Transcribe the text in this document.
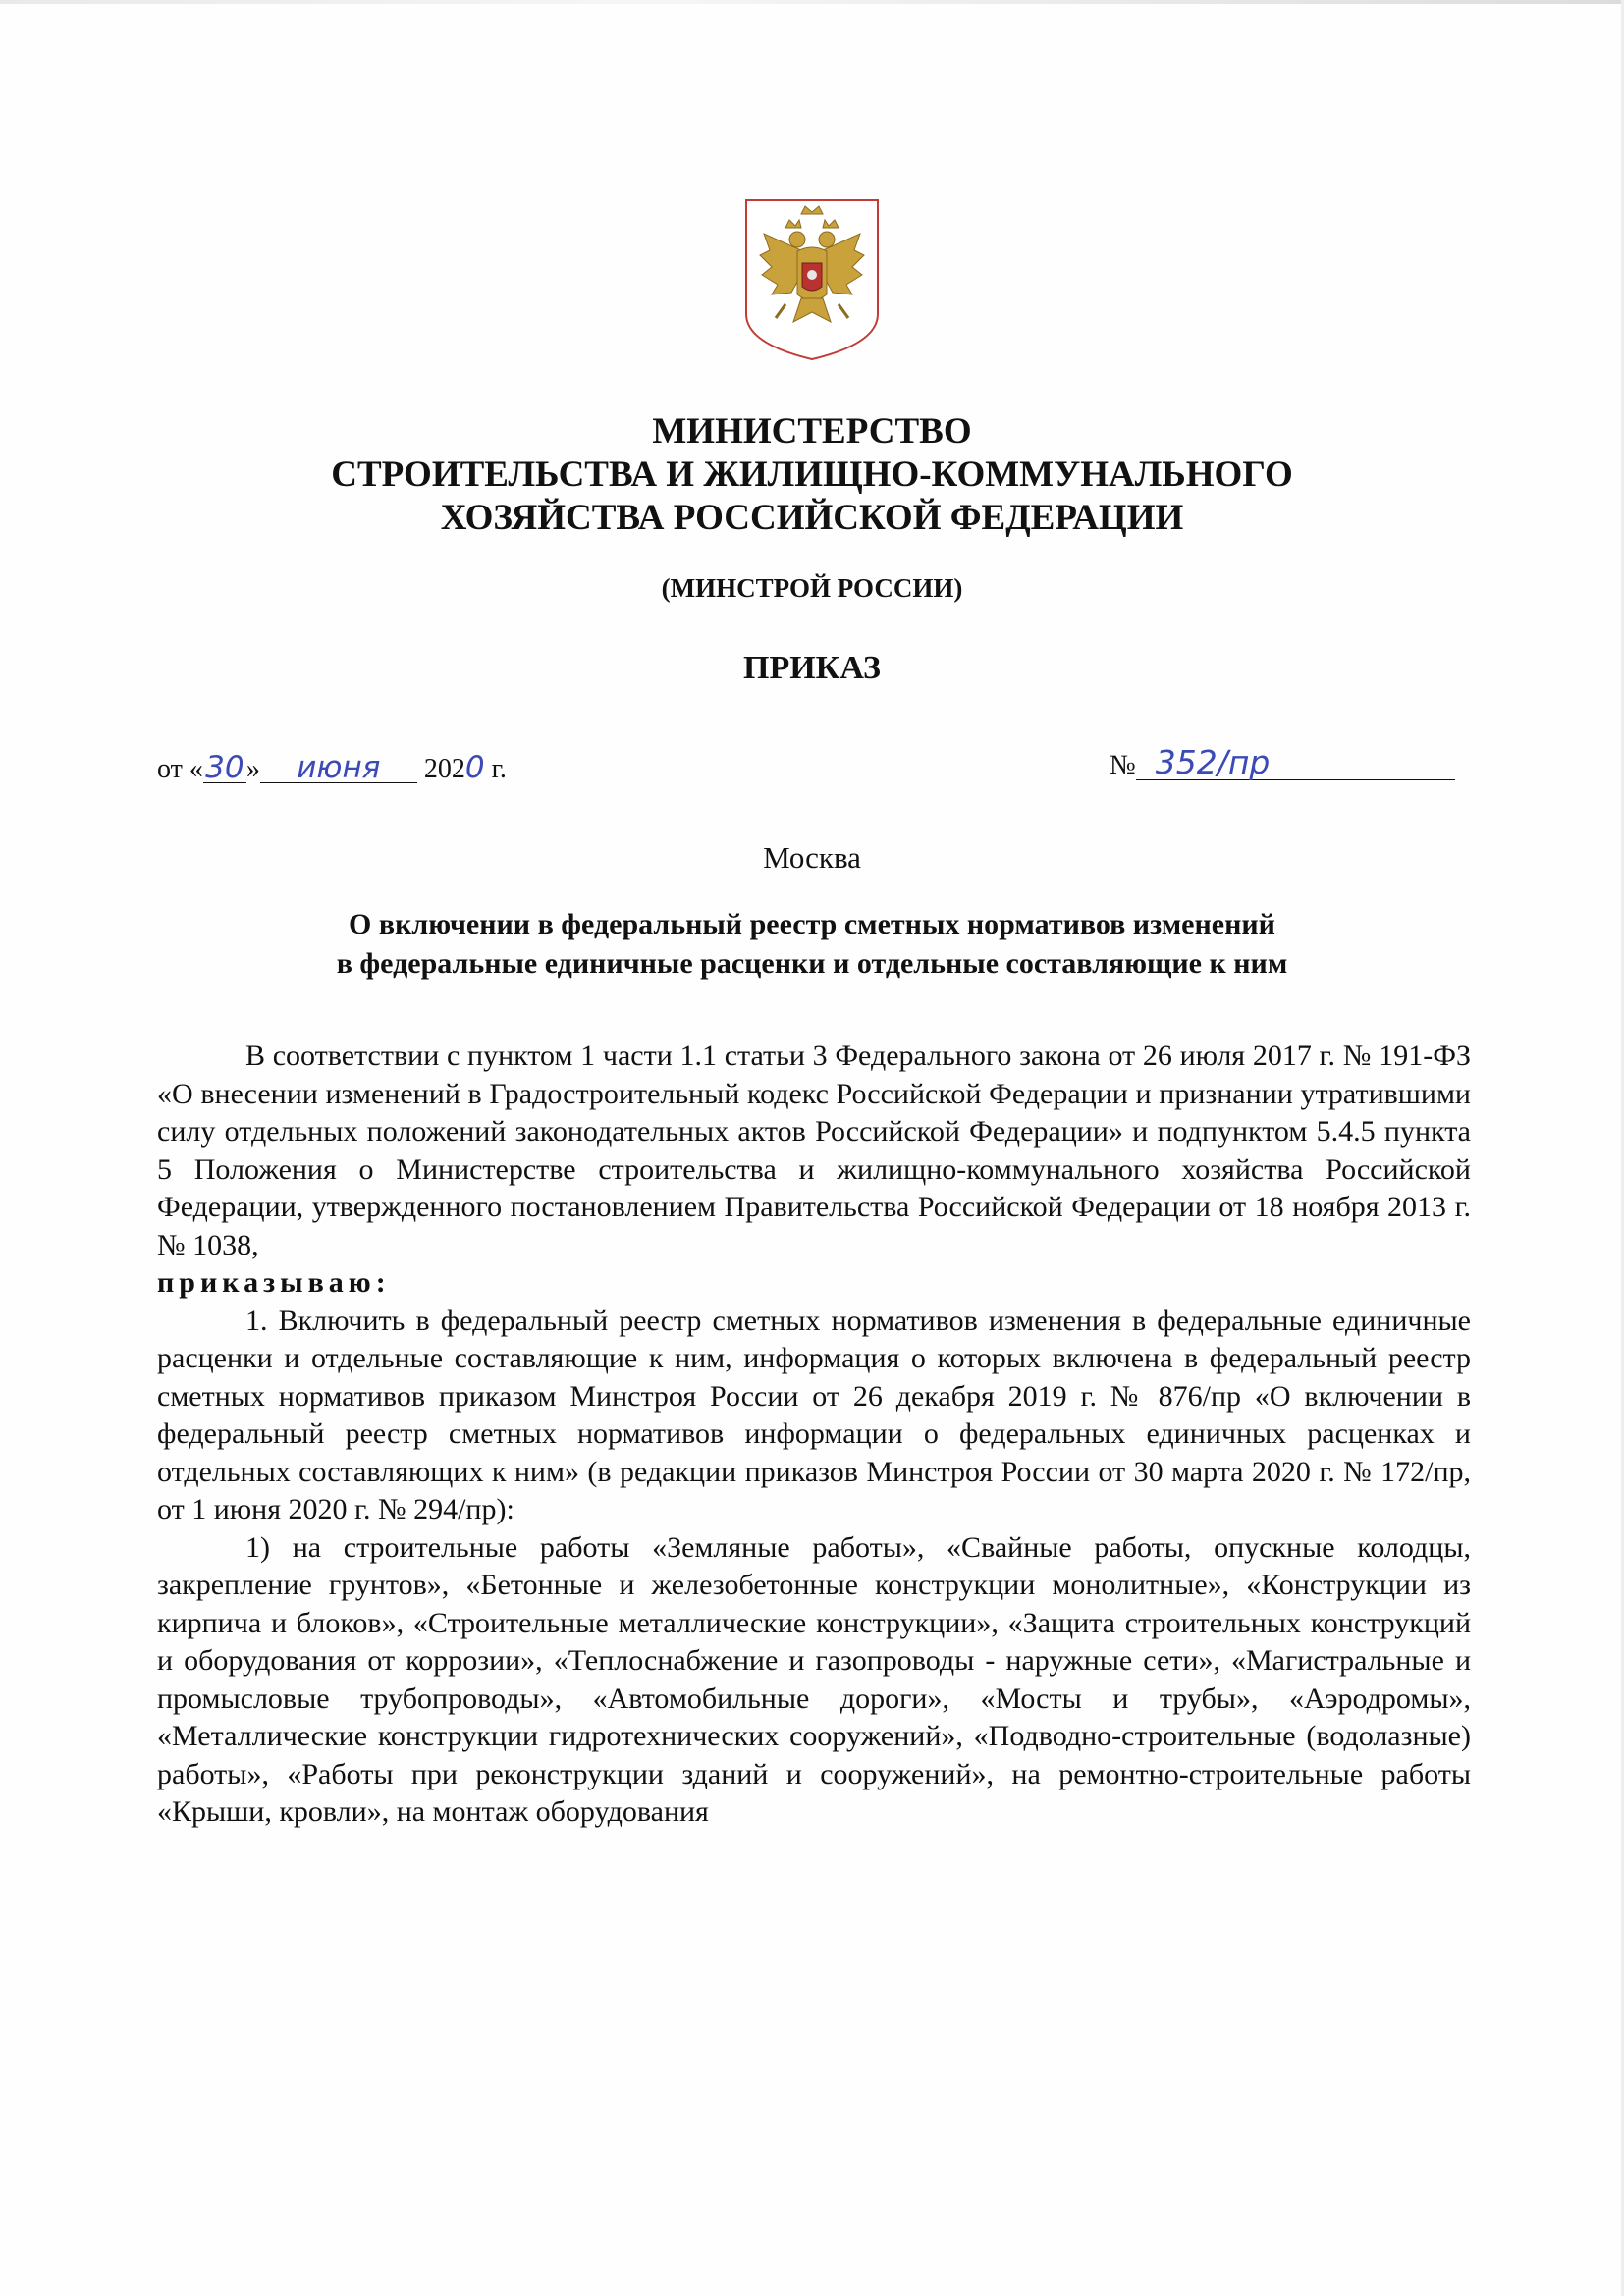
МИНИСТЕРСТВО
СТРОИТЕЛЬСТВА И ЖИЛИЩНО-КОММУНАЛЬНОГО
ХОЗЯЙСТВА РОССИЙСКОЙ ФЕДЕРАЦИИ
(МИНСТРОЙ РОССИИ)
ПРИКАЗ
от «30» июня 2020 г.	№ 352/пр
Москва
О включении в федеральный реестр сметных нормативов изменений
в федеральные единичные расценки и отдельные составляющие к ним

В соответствии с пунктом 1 части 1.1 статьи 3 Федерального закона от 26 июля 2017 г. № 191-ФЗ «О внесении изменений в Градостроительный кодекс Российской Федерации и признании утратившими силу отдельных положений законодательных актов Российской Федерации» и подпунктом 5.4.5 пункта 5 Положения о Министерстве строительства и жилищно-коммунального хозяйства Российской Федерации, утвержденного постановлением Правительства Российской Федерации от 18 ноября 2013 г. № 1038,

приказываю:

1. Включить в федеральный реестр сметных нормативов изменения в федеральные единичные расценки и отдельные составляющие к ним, информация о которых включена в федеральный реестр сметных нормативов приказом Минстроя России от 26 декабря 2019 г. № 876/пр «О включении в федеральный реестр сметных нормативов информации о федеральных единичных расценках и отдельных составляющих к ним» (в редакции приказов Минстроя России от 30 марта 2020 г. № 172/пр, от 1 июня 2020 г. № 294/пр):

1) на строительные работы «Земляные работы», «Свайные работы, опускные колодцы, закрепление грунтов», «Бетонные и железобетонные конструкции монолитные», «Конструкции из кирпича и блоков», «Строительные металлические конструкции», «Защита строительных конструкций и оборудования от коррозии», «Теплоснабжение и газопроводы - наружные сети», «Магистральные и промысловые трубопроводы», «Автомобильные дороги», «Мосты и трубы», «Аэродромы», «Металлические конструкции гидротехнических сооружений», «Подводно-строительные (водолазные) работы», «Работы при реконструкции зданий и сооружений», на ремонтно-строительные работы «Крыши, кровли», на монтаж оборудования
